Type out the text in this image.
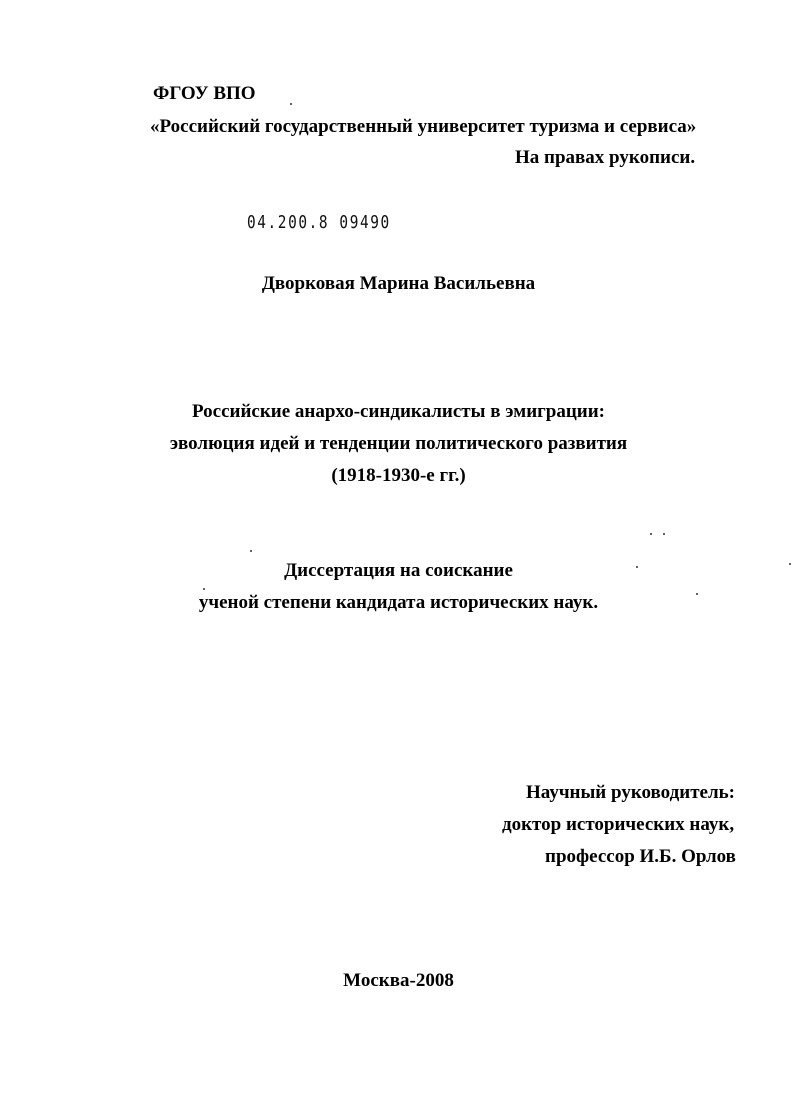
ФГОУ ВПО
«Российский государственный университет туризма и сервиса»
На правах рукописи.
04.200.8 09490
Дворковая Марина Васильевна
Российские анархо-синдикалисты в эмиграции:
эволюция идей и тенденции политического развития
(1918-1930-е гг.)
Диссертация на соискание
ученой степени кандидата исторических наук.
Научный руководитель:
доктор исторических наук,
профессор И.Б. Орлов
Москва-2008
